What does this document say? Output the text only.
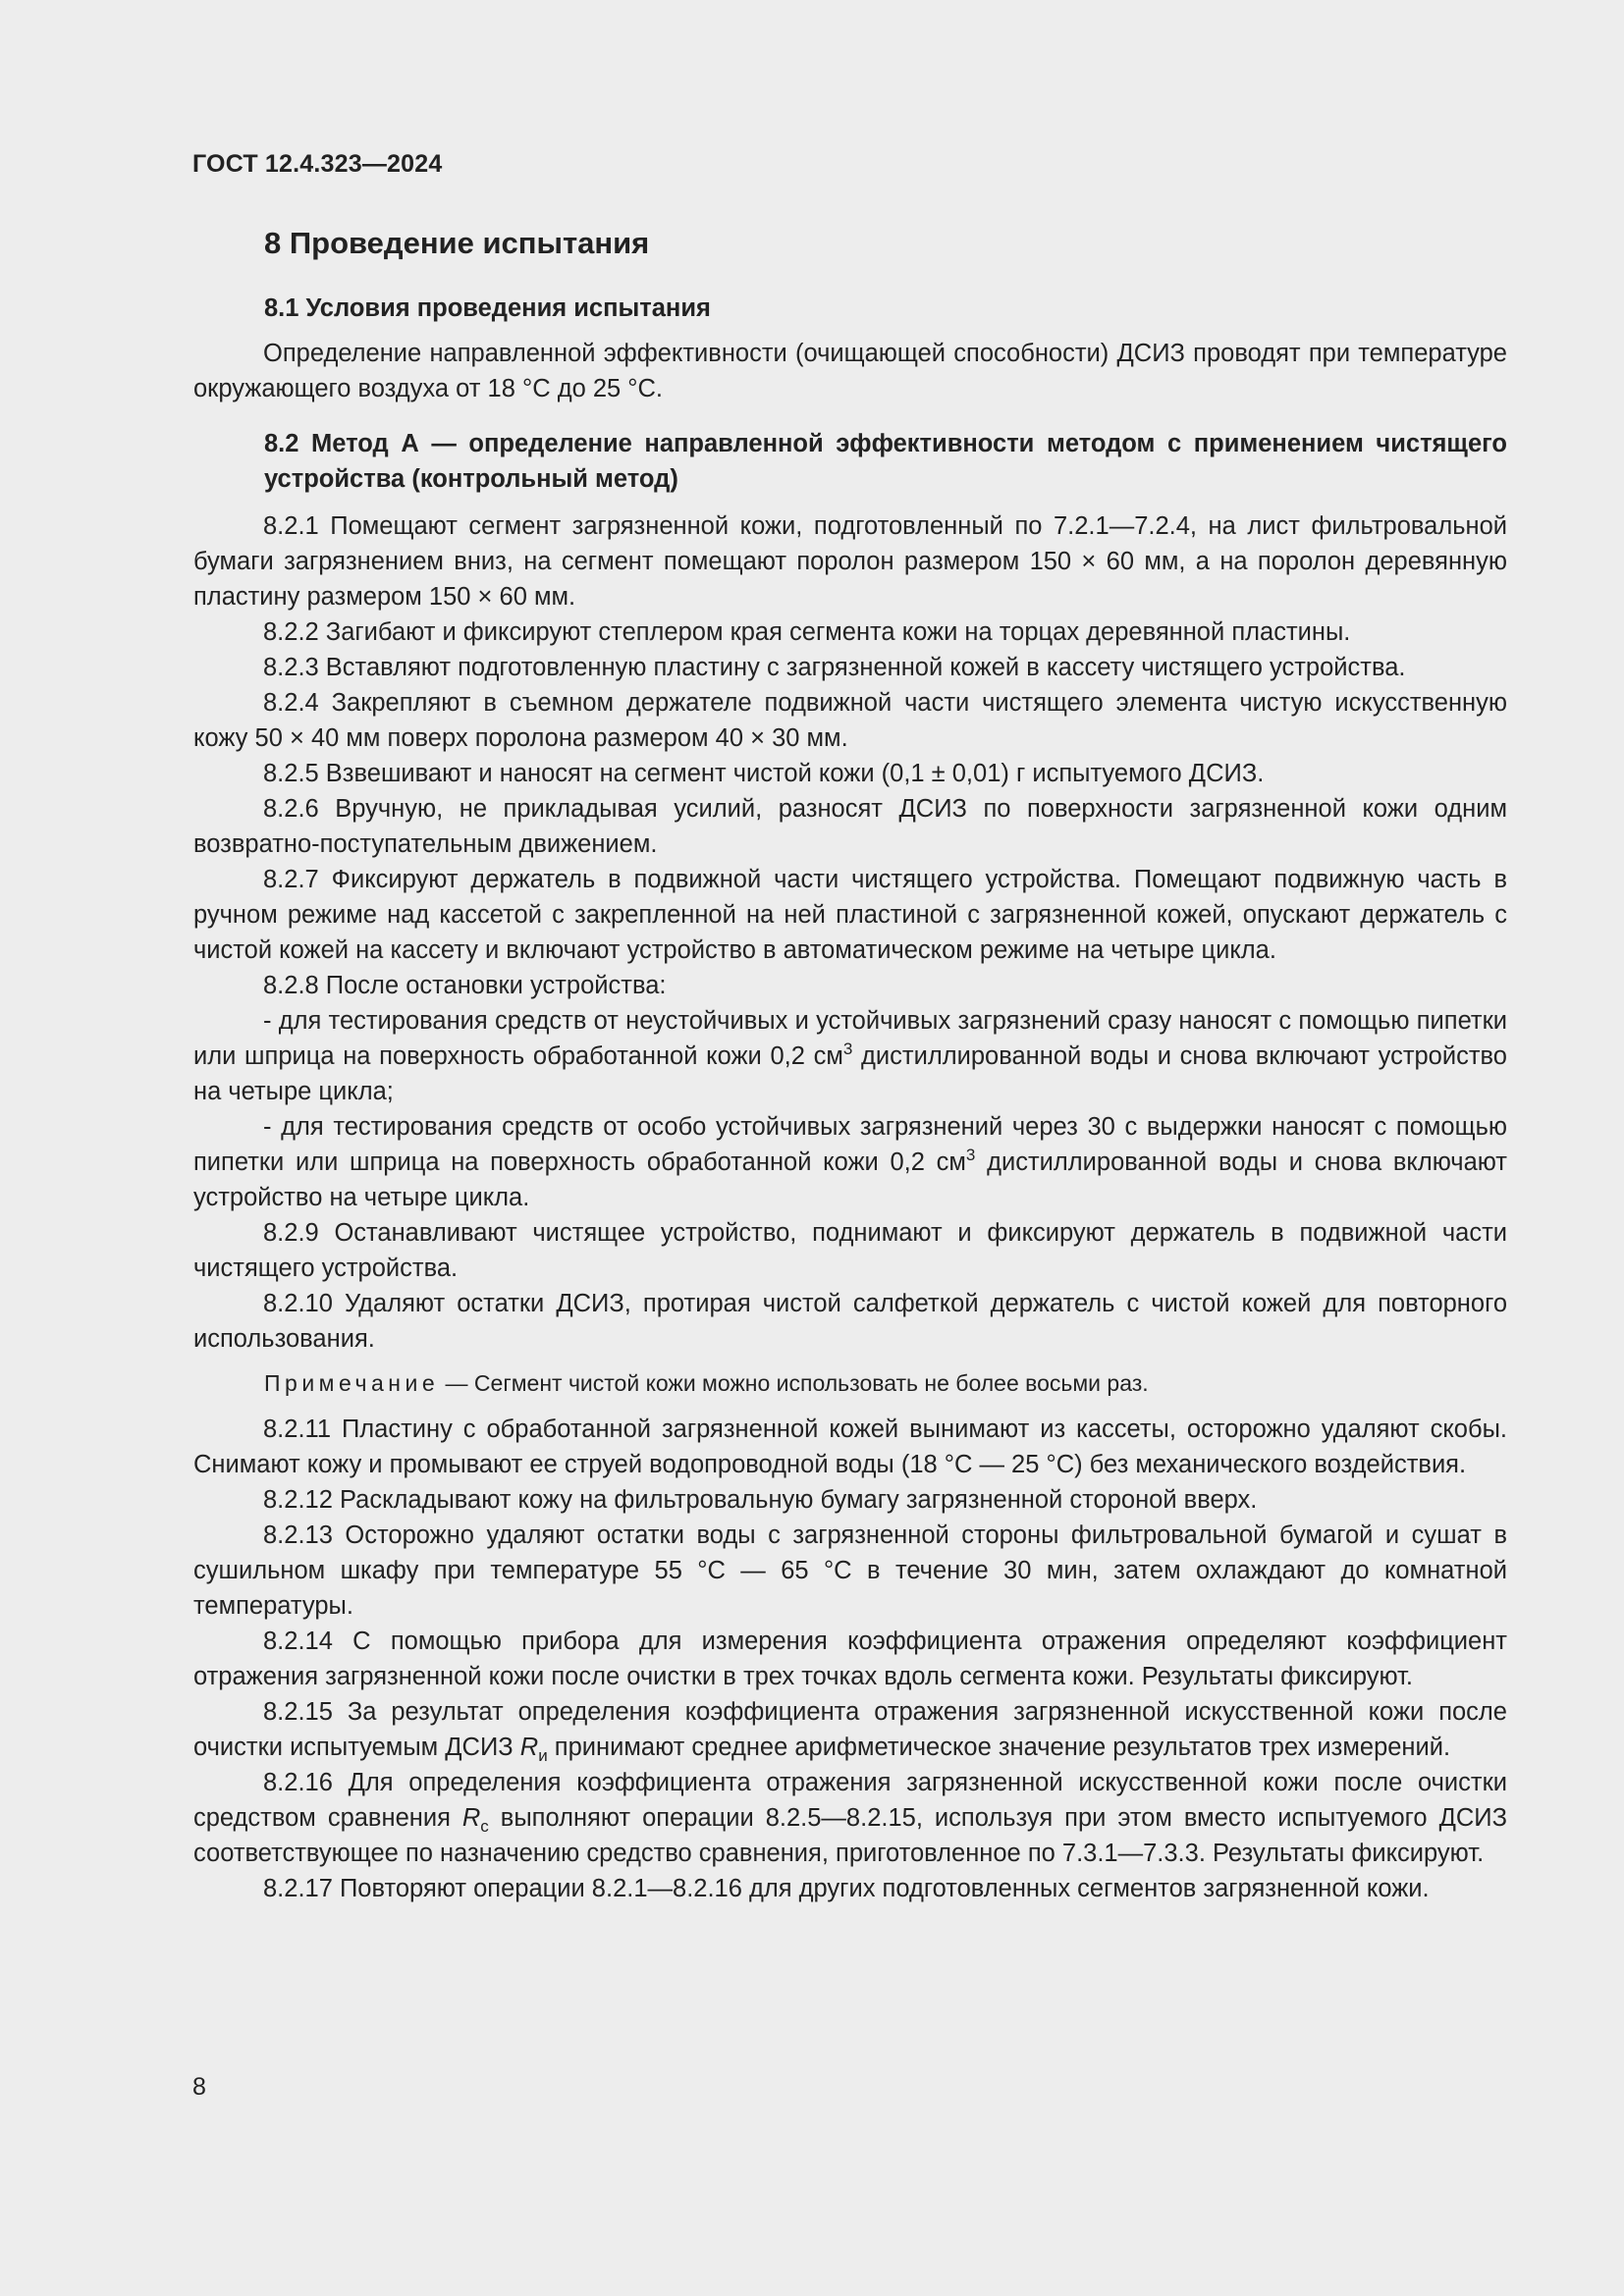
ГОСТ 12.4.323—2024
8 Проведение испытания
8.1 Условия проведения испытания

Определение направленной эффективности (очищающей способности) ДСИЗ проводят при температуре окружающего воздуха от 18 °С до 25 °С.

8.2 Метод А — определение направленной эффективности методом с применением чистящего устройства (контрольный метод)

8.2.1 Помещают сегмент загрязненной кожи, подготовленный по 7.2.1—7.2.4, на лист фильтровальной бумаги загрязнением вниз, на сегмент помещают поролон размером 150 × 60 мм, а на поролон деревянную пластину размером 150 × 60 мм.

8.2.2 Загибают и фиксируют степлером края сегмента кожи на торцах деревянной пластины.

8.2.3 Вставляют подготовленную пластину с загрязненной кожей в кассету чистящего устройства.

8.2.4 Закрепляют в съемном держателе подвижной части чистящего элемента чистую искусственную кожу 50 × 40 мм поверх поролона размером 40 × 30 мм.

8.2.5 Взвешивают и наносят на сегмент чистой кожи (0,1 ± 0,01) г испытуемого ДСИЗ.

8.2.6 Вручную, не прикладывая усилий, разносят ДСИЗ по поверхности загрязненной кожи одним возвратно-поступательным движением.

8.2.7 Фиксируют держатель в подвижной части чистящего устройства. Помещают подвижную часть в ручном режиме над кассетой с закрепленной на ней пластиной с загрязненной кожей, опускают держатель с чистой кожей на кассету и включают устройство в автоматическом режиме на четыре цикла.

8.2.8 После остановки устройства:

- для тестирования средств от неустойчивых и устойчивых загрязнений сразу наносят с помощью пипетки или шприца на поверхность обработанной кожи 0,2 $см^3$ дистиллированной воды и снова включают устройство на четыре цикла;

- для тестирования средств от особо устойчивых загрязнений через 30 с выдержки наносят с помощью пипетки или шприца на поверхность обработанной кожи 0,2 $см^3$ дистиллированной воды и снова включают устройство на четыре цикла.

8.2.9 Останавливают чистящее устройство, поднимают и фиксируют держатель в подвижной части чистящего устройства.

8.2.10 Удаляют остатки ДСИЗ, протирая чистой салфеткой держатель с чистой кожей для повторного использования.

Примечание — Сегмент чистой кожи можно использовать не более восьми раз.

8.2.11 Пластину с обработанной загрязненной кожей вынимают из кассеты, осторожно удаляют скобы. Снимают кожу и промывают ее струей водопроводной воды (18 °С — 25 °С) без механического воздействия.

8.2.12 Раскладывают кожу на фильтровальную бумагу загрязненной стороной вверх.

8.2.13 Осторожно удаляют остатки воды с загрязненной стороны фильтровальной бумагой и сушат в сушильном шкафу при температуре 55 °С — 65 °С в течение 30 мин, затем охлаждают до комнатной температуры.

8.2.14 С помощью прибора для измерения коэффициента отражения определяют коэффициент отражения загрязненной кожи после очистки в трех точках вдоль сегмента кожи. Результаты фиксируют.

8.2.15 За результат определения коэффициента отражения загрязненной искусственной кожи после очистки испытуемым ДСИЗ $R_и$ принимают среднее арифметическое значение результатов трех измерений.

8.2.16 Для определения коэффициента отражения загрязненной искусственной кожи после очистки средством сравнения $R_с$ выполняют операции 8.2.5—8.2.15, используя при этом вместо испытуемого ДСИЗ соответствующее по назначению средство сравнения, приготовленное по 7.3.1—7.3.3. Результаты фиксируют.

8.2.17 Повторяют операции 8.2.1—8.2.16 для других подготовленных сегментов загрязненной кожи.

8
